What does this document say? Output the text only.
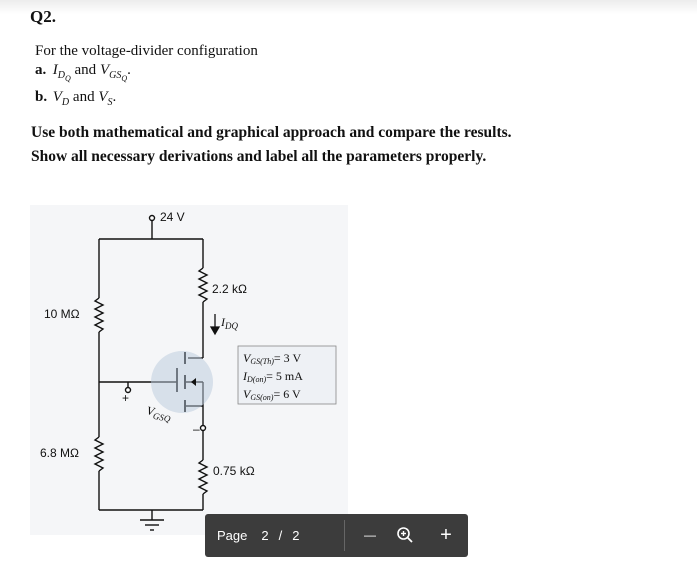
Q2.
For the voltage-divider configuration
a. $I_{D_Q}$ and $V_{GS_Q}$.
b. $V_D$ and $V_S$.
Use both mathematical and graphical approach and compare the results.
Show all necessary derivations and label all the parameters properly.
24 V
10 MΩ
6.8 MΩ
2.2 kΩ
0.75 kΩ
$I_{DQ}$
+
–
$V_{GSQ}$
VGS(Th)= 3 V
ID(on)= 5 mA
VGS(on)= 6 V
Page 2 / 2	—	+
